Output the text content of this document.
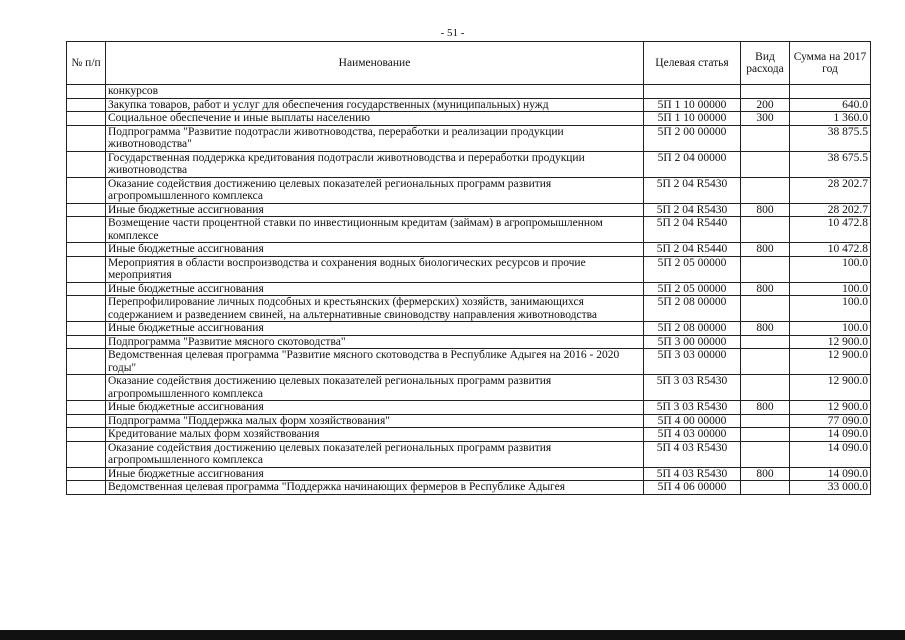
- 51 -
№ п/п	Наименование	Целевая статья	Вид расхода	Сумма на 2017 год
	конкурсов			
	Закупка товаров, работ и услуг для обеспечения государственных (муниципальных) нужд	5П 1 10 00000	200	640.0
	Социальное обеспечение и иные выплаты населению	5П 1 10 00000	300	1 360.0
	Подпрограмма "Развитие подотрасли животноводства, переработки и реализации продукции животноводства"	5П 2 00 00000		38 875.5
	Государственная поддержка кредитования подотрасли животноводства и переработки продукции животноводства	5П 2 04 00000		38 675.5
	Оказание содействия достижению целевых показателей региональных программ развития агропромышленного комплекса	5П 2 04 R5430		28 202.7
	Иные бюджетные ассигнования	5П 2 04 R5430	800	28 202.7
	Возмещение части процентной ставки по инвестиционным кредитам (займам) в агропромышленном комплексе	5П 2 04 R5440		10 472.8
	Иные бюджетные ассигнования	5П 2 04 R5440	800	10 472.8
	Мероприятия в области воспроизводства и сохранения водных биологических ресурсов и прочие мероприятия	5П 2 05 00000		100.0
	Иные бюджетные ассигнования	5П 2 05 00000	800	100.0
	Перепрофилирование личных подсобных и крестьянских (фермерских) хозяйств, занимающихся содержанием и разведением свиней, на альтернативные свиноводству направления животноводства	5П 2 08 00000		100.0
	Иные бюджетные ассигнования	5П 2 08 00000	800	100.0
	Подпрограмма "Развитие мясного скотоводства"	5П 3 00 00000		12 900.0
	Ведомственная целевая программа "Развитие мясного скотоводства в Республике Адыгея на 2016 - 2020 годы"	5П 3 03 00000		12 900.0
	Оказание содействия достижению целевых показателей региональных программ развития агропромышленного комплекса	5П 3 03 R5430		12 900.0
	Иные бюджетные ассигнования	5П 3 03 R5430	800	12 900.0
	Подпрограмма "Поддержка малых форм хозяйствования"	5П 4 00 00000		77 090.0
	Кредитование малых форм хозяйствования	5П 4 03 00000		14 090.0
	Оказание содействия достижению целевых показателей региональных программ развития агропромышленного комплекса	5П 4 03 R5430		14 090.0
	Иные бюджетные ассигнования	5П 4 03 R5430	800	14 090.0
	Ведомственная целевая программа "Поддержка начинающих фермеров в Республике Адыгея	5П 4 06 00000		33 000.0
